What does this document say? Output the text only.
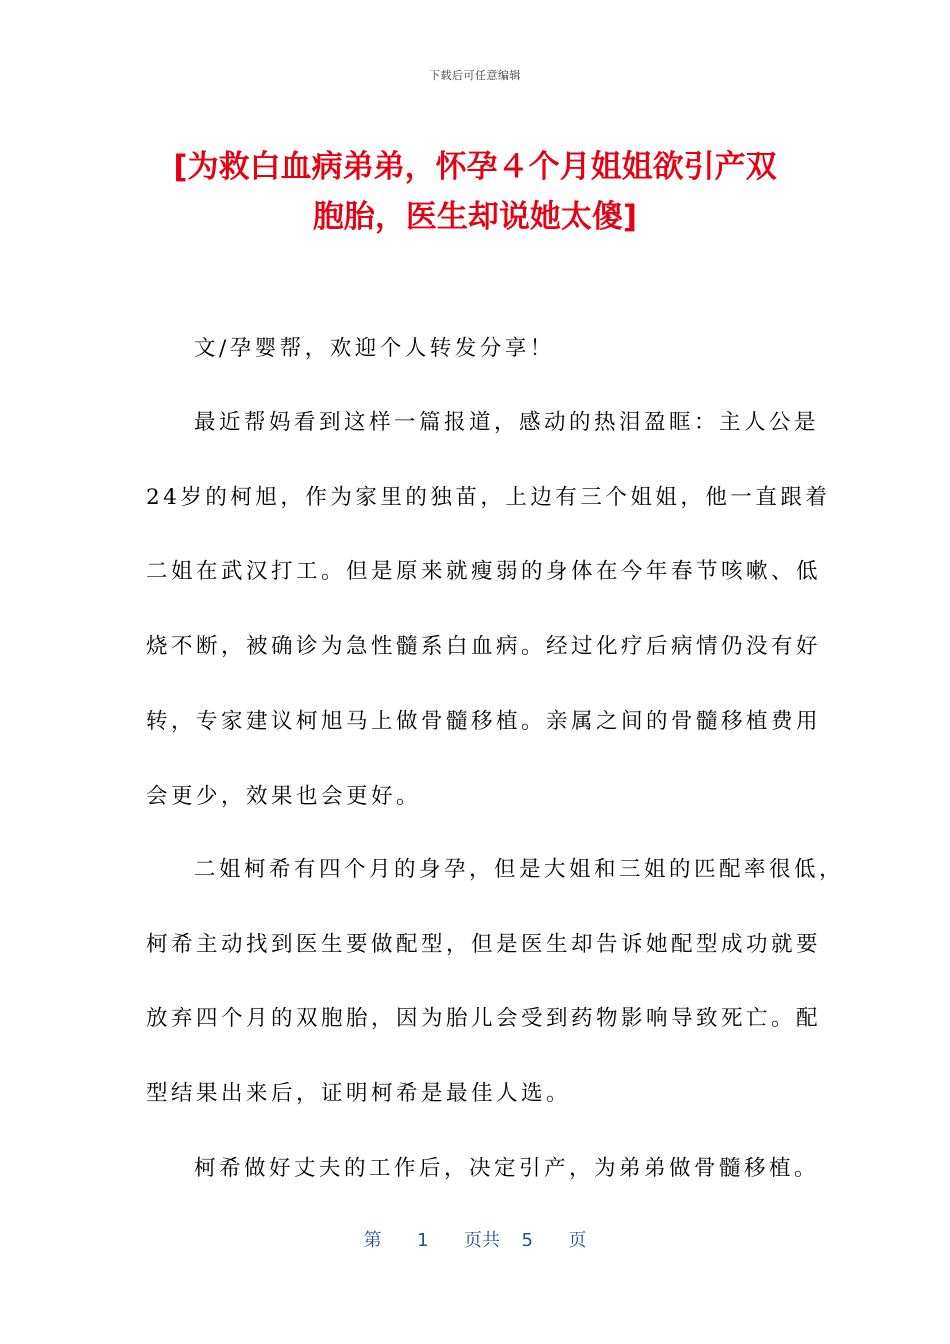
下载后可任意编辑
[为救白血病弟弟，怀孕４个月姐姐欲引产双
胞胎，医生却说她太傻]
文/孕婴帮，欢迎个人转发分享！
最近帮妈看到这样一篇报道，感动的热泪盈眶：主人公是
24岁的柯旭，作为家里的独苗，上边有三个姐姐，他一直跟着
二姐在武汉打工。但是原来就瘦弱的身体在今年春节咳嗽、低
烧不断，被确诊为急性髓系白血病。经过化疗后病情仍没有好
转，专家建议柯旭马上做骨髓移植。亲属之间的骨髓移植费用
会更少，效果也会更好。
二姐柯希有四个月的身孕，但是大姐和三姐的匹配率很低，
柯希主动找到医生要做配型，但是医生却告诉她配型成功就要
放弃四个月的双胞胎，因为胎儿会受到药物影响导致死亡。配
型结果出来后，证明柯希是最佳人选。
柯希做好丈夫的工作后，决定引产，为弟弟做骨髓移植。
第 1 页共 5 页
